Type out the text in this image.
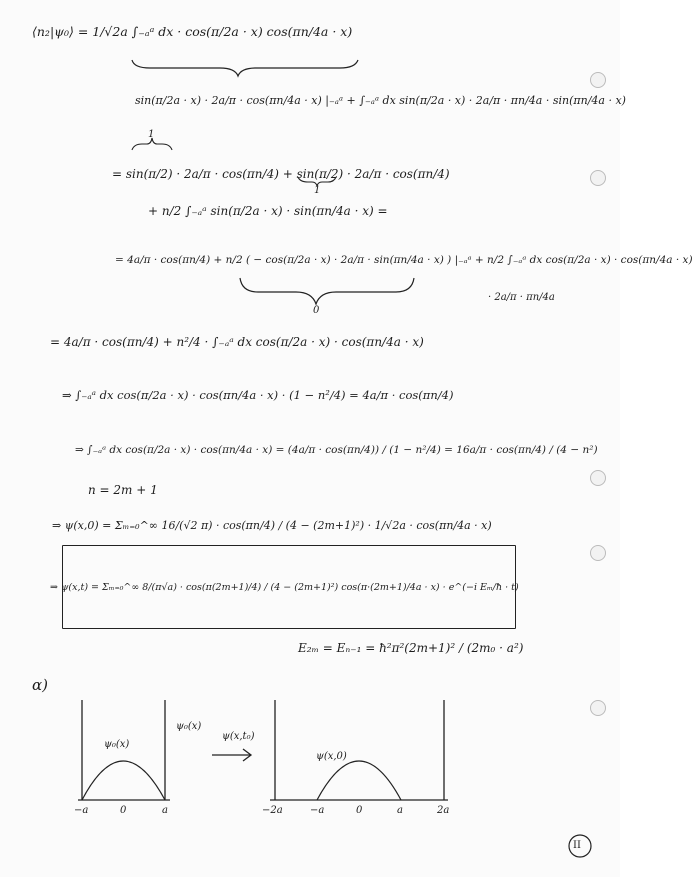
⟨n₂|ψ₀⟩ = 1/√2a ∫₋ₐᵃ dx · cos(π/2a · x) cos(πn/4a · x)
sin(π/2a · x) · 2a/π · cos(πn/4a · x) |₋ₐᵃ + ∫₋ₐᵃ dx sin(π/2a · x) · 2a/π · πn/4a · sin(πn/4a · x)
= sin(π/2) · 2a/π · cos(πn/4) + sin(π/2) · 2a/π · cos(πn/4)
1
1
+ n/2 ∫₋ₐᵃ sin(π/2a · x) · sin(πn/4a · x) =
= 4a/π · cos(πn/4) + n/2 ( − cos(π/2a · x) · 2a/π · sin(πn/4a · x) ) |₋ₐᵃ + n/2 ∫₋ₐᵃ dx cos(π/2a · x) · cos(πn/4a · x)
· 2a/π · πn/4a
0
= 4a/π · cos(πn/4) + n²/4 · ∫₋ₐᵃ dx cos(π/2a · x) · cos(πn/4a · x)
⇒ ∫₋ₐᵃ dx cos(π/2a · x) · cos(πn/4a · x) · (1 − n²/4) = 4a/π · cos(πn/4)
⇒ ∫₋ₐᵃ dx cos(π/2a · x) · cos(πn/4a · x) = (4a/π · cos(πn/4)) / (1 − n²/4) = 16a/π · cos(πn/4) / (4 − n²)
n = 2m + 1
⇒ ψ(x,0) = Σₘ₌₀^∞ 16/(√2 π) · cos(πn/4) / (4 − (2m+1)²) · 1/√2a · cos(πn/4a · x)
⇒ ψ(x,t) = Σₘ₌₀^∞ 8/(π√a) · cos(π(2m+1)/4) / (4 − (2m+1)²) cos(π·(2m+1)/4a · x) · e^(−i Eₘ/ħ · t)
E₂ₘ = Eₙ₋₁ = ħ²π²(2m+1)² / (2m₀ · a²)
α)
ψ₀(x)
−a	0	a
ψ₀(x)
ψ(x,t₀)
ψ(x,0)
−2a	−a	0	a	2a
II
